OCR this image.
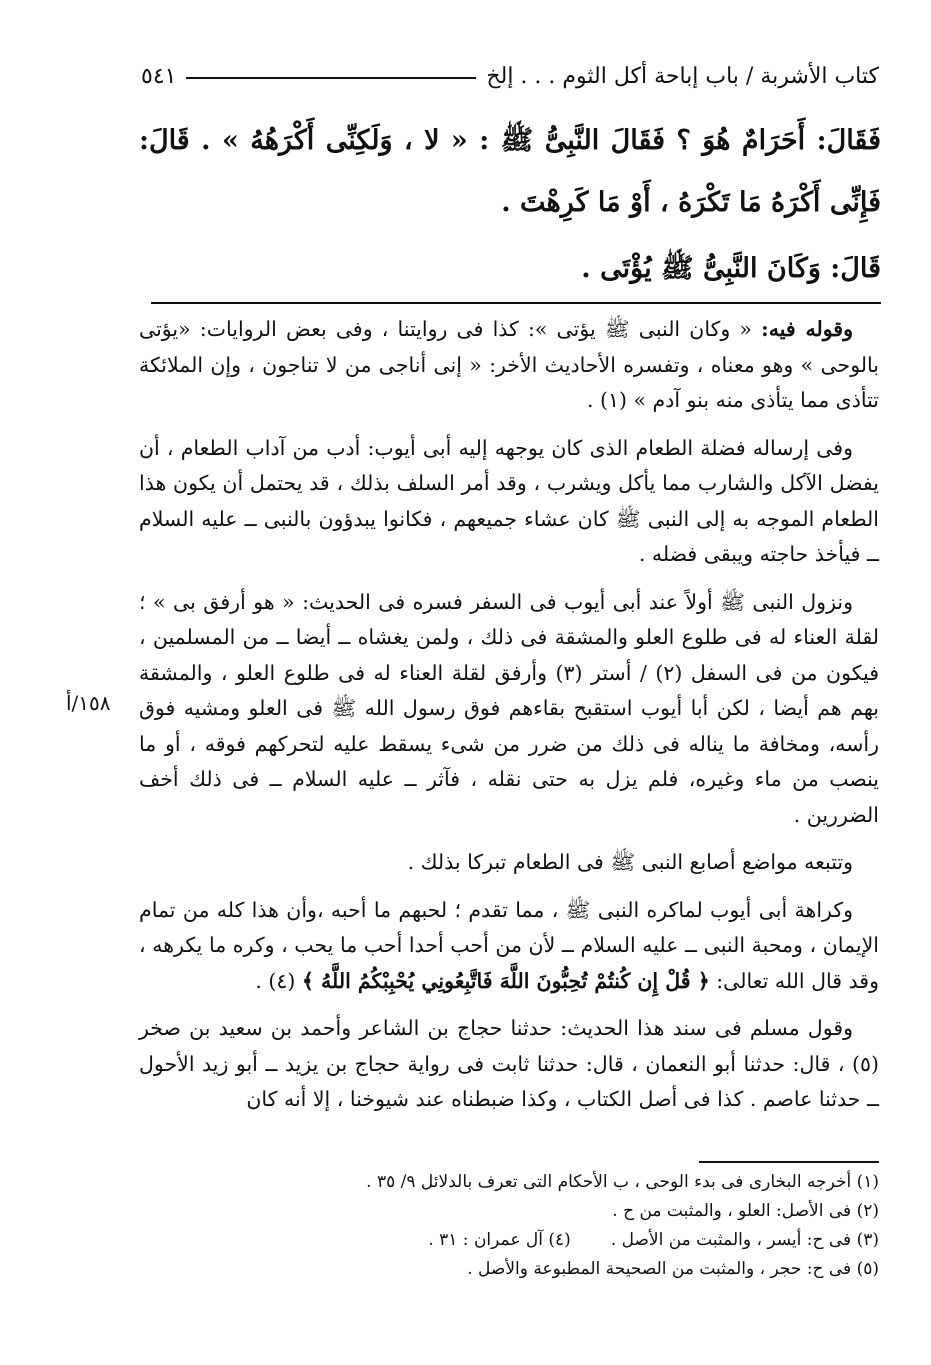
كتاب الأشربة / باب إباحة أكل الثوم . . . إلخ
٥٤١

فَقَالَ: أَحَرَامٌ هُوَ ؟ فَقَالَ النَّبِىُّ ﷺ : « لا ، وَلَكِنِّى أَكْرَهُهُ » . قَالَ: فَإِنِّى أَكْرَهُ مَا تَكْرَهُ ، أَوْ مَا كَرِهْتَ .

قَالَ: وَكَانَ النَّبِىُّ ﷺ يُؤْتَى .

وقوله فيه: « وكان النبى ﷺ يؤتى »: كذا فى روايتنا ، وفى بعض الروايات: «يؤتى بالوحى » وهو معناه ، وتفسره الأحاديث الأخر: « إنى أناجى من لا تناجون ، وإن الملائكة تتأذى مما يتأذى منه بنو آدم » (١) .

وفى إرساله فضلة الطعام الذى كان يوجهه إليه أبى أيوب: أدب من آداب الطعام ، أن يفضل الآكل والشارب مما يأكل ويشرب ، وقد أمر السلف بذلك ، قد يحتمل أن يكون هذا الطعام الموجه به إلى النبى ﷺ كان عشاء جميعهم ، فكانوا يبدؤون بالنبى ــ عليه السلام ــ فيأخذ حاجته ويبقى فضله .

ونزول النبى ﷺ أولاً عند أبى أيوب فى السفر فسره فى الحديث: « هو أرفق بى » ؛ لقلة العناء له فى طلوع العلو والمشقة فى ذلك ، ولمن يغشاه ــ أيضا ــ من المسلمين ، فيكون من فى السفل (٢) / أستر (٣) وأرفق لقلة العناء له فى طلوع العلو ، والمشقة بهم هم أيضا ، لكن أبا أيوب استقبح بقاءهم فوق رسول الله ﷺ فى العلو ومشيه فوق رأسه، ومخافة ما يناله فى ذلك من ضرر من شىء يسقط عليه لتحركهم فوقه ، أو ما ينصب من ماء وغيره، فلم يزل به حتى نقله ، فآثر ــ عليه السلام ــ فى ذلك أخف الضررين .

وتتبعه مواضع أصابع النبى ﷺ فى الطعام تبركا بذلك .

وكراهة أبى أيوب لماكره النبى ﷺ ، مما تقدم ؛ لحبهم ما أحبه ،وأن هذا كله من تمام الإيمان ، ومحبة النبى ــ عليه السلام ــ لأن من أحب أحدا أحب ما يحب ، وكره ما يكرهه ، وقد قال الله تعالى: ﴿ قُلْ إِن كُنتُمْ تُحِبُّونَ اللَّهَ فَاتَّبِعُونِي يُحْبِبْكُمُ اللَّهُ ﴾ (٤) .

وقول مسلم فى سند هذا الحديث: حدثنا حجاج بن الشاعر وأحمد بن سعيد بن صخر (٥) ، قال: حدثنا أبو النعمان ، قال: حدثنا ثابت فى رواية حجاج بن يزيد ــ أبو زيد الأحول ــ حدثنا عاصم . كذا فى أصل الكتاب ، وكذا ضبطناه عند شيوخنا ، إلا أنه كان

١٥٨/أ
(١) أخرجه البخارى فى بدء الوحى ، ب الأحكام التى تعرف بالدلائل ٩/ ٣٥ .
(٢) فى الأصل: العلو ، والمثبت من ح .
(٣) فى ح: أيسر ، والمثبت من الأصل .(٤) آل عمران : ٣١ .
(٥) فى ح: حجر ، والمثبت من الصحيحة المطبوعة والأصل .
